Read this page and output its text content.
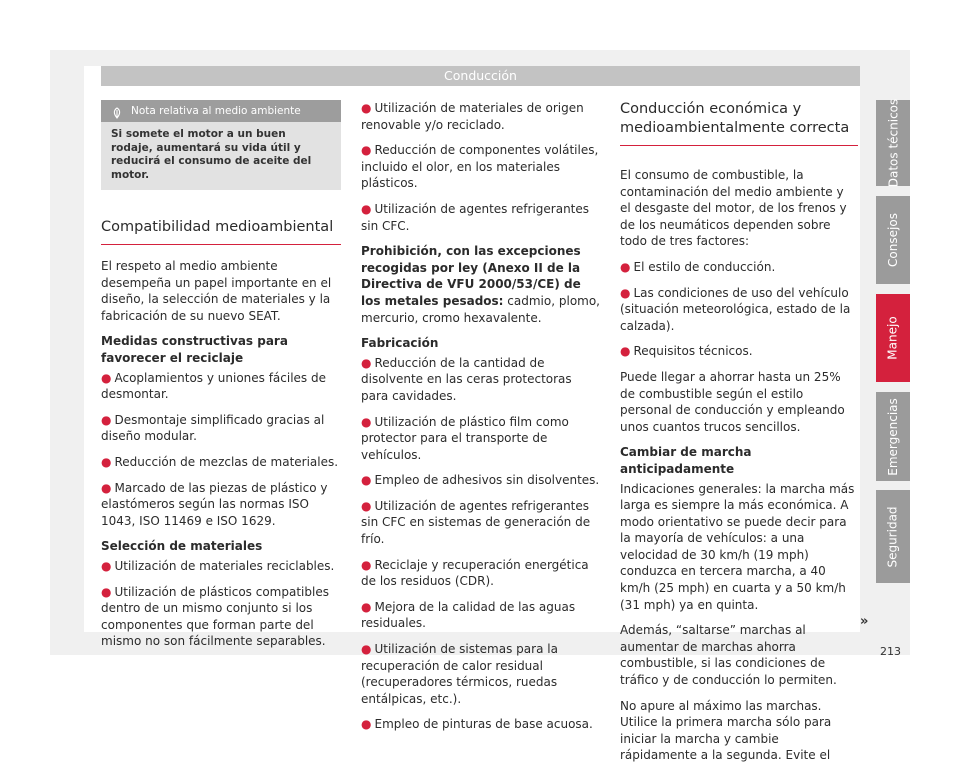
Conducción
Nota relativa al medio ambiente
Si somete el motor a un buen rodaje, aumentará su vida útil y reducirá el consumo de aceite del motor.
Compatibilidad medioambiental

El respeto al medio ambiente desempeña un papel importante en el diseño, la selección de materiales y la fabricación de su nuevo SEAT.

Medidas constructivas para favorecer el reciclaje

● Acoplamientos y uniones fáciles de desmontar.

● Desmontaje simplificado gracias al diseño modular.

● Reducción de mezclas de materiales.

● Marcado de las piezas de plástico y elastómeros según las normas ISO 1043, ISO 11469 e ISO 1629.

Selección de materiales

● Utilización de materiales reciclables.

● Utilización de plásticos compatibles dentro de un mismo conjunto si los componentes que forman parte del mismo no son fácilmente separables.

● Utilización de materiales de origen renovable y/o reciclado.

● Reducción de componentes volátiles, incluido el olor, en los materiales plásticos.

● Utilización de agentes refrigerantes sin CFC.

Prohibición, con las excepciones recogidas por ley (Anexo II de la Directiva de VFU 2000/53/CE) de los metales pesados: cadmio, plomo, mercurio, cromo hexavalente.

Fabricación

● Reducción de la cantidad de disolvente en las ceras protectoras para cavidades.

● Utilización de plástico film como protector para el transporte de vehículos.

● Empleo de adhesivos sin disolventes.

● Utilización de agentes refrigerantes sin CFC en sistemas de generación de frío.

● Reciclaje y recuperación energética de los residuos (CDR).

● Mejora de la calidad de las aguas residuales.

● Utilización de sistemas para la recuperación de calor residual (recuperadores térmicos, ruedas entálpicas, etc.).

● Empleo de pinturas de base acuosa.

Conducción económica y medioambientalmente correcta

El consumo de combustible, la contaminación del medio ambiente y el desgaste del motor, de los frenos y de los neumáticos dependen sobre todo de tres factores:

● El estilo de conducción.

● Las condiciones de uso del vehículo (situación meteorológica, estado de la calzada).

● Requisitos técnicos.

Puede llegar a ahorrar hasta un 25% de combustible según el estilo personal de conducción y empleando unos cuantos trucos sencillos.

Cambiar de marcha anticipadamente

Indicaciones generales: la marcha más larga es siempre la más económica. A modo orientativo se puede decir para la mayoría de vehículos: a una velocidad de 30 km/h (19 mph) conduzca en tercera marcha, a 40 km/h (25 mph) en cuarta y a 50 km/h (31 mph) ya en quinta.

Además, “saltarse” marchas al aumentar de marchas ahorra combustible, si las condiciones de tráfico y de conducción lo permiten.

No apure al máximo las marchas. Utilice la primera marcha sólo para iniciar la marcha y cambie rápidamente a la segunda. Evite el

Datos técnicos
Consejos
Manejo
Emergencias
Seguridad
»
213
